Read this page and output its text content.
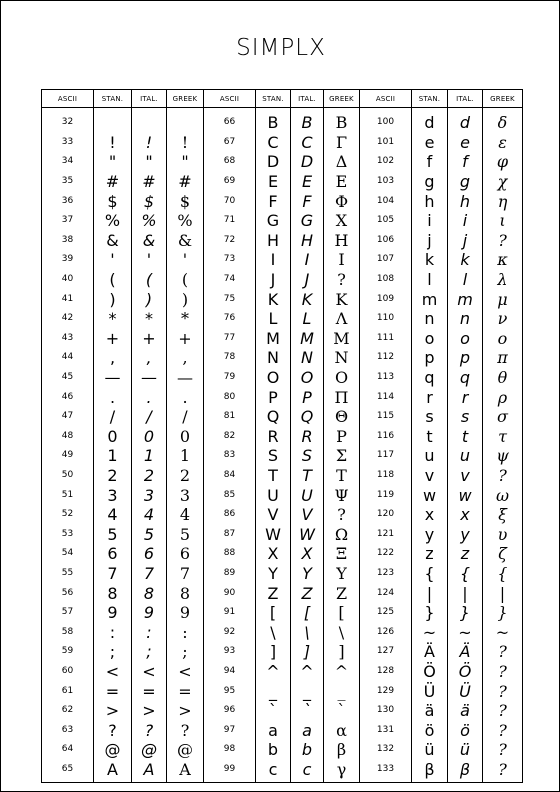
SIMPLX
ASCII	STAN.	ITAL.	GREEK	ASCII	STAN.	ITAL.	GREEK	ASCII	STAN.	ITAL.	GREEK

32				66	B	B	B	100	d	d	δ
33	!	!	!	67	C	C	Γ	101	e	e	ε
34	"	"	"	68	D	D	Δ	102	f	f	φ
35	#	#	#	69	E	E	E	103	g	g	χ
36	$	$	$	70	F	F	Φ	104	h	h	η
37	%	%	%	71	G	G	X	105	i	i	ι
38	&	&	&	72	H	H	H	106	j	j	?
39	'	'	'	73	I	I	I	107	k	k	κ
40	(	(	(	74	J	J	?	108	l	l	λ
41	)	)	)	75	K	K	K	109	m	m	μ
42	*	*	*	76	L	L	Λ	110	n	n	ν
43	+	+	+	77	M	M	M	111	o	o	o
44	,	,	,	78	N	N	N	112	p	p	π
45	—	—	—	79	O	O	O	113	q	q	θ
46	.	.	.	80	P	P	Π	114	r	r	ρ
47	/	/	/	81	Q	Q	Θ	115	s	s	σ
48	0	0	0	82	R	R	P	116	t	t	τ
49	1	1	1	83	S	S	Σ	117	u	u	ψ
50	2	2	2	84	T	T	T	118	v	v	?
51	3	3	3	85	U	U	Ψ	119	w	w	ω
52	4	4	4	86	V	V	?	120	x	x	ξ
53	5	5	5	87	W	W	Ω	121	y	y	υ
54	6	6	6	88	X	X	Ξ	122	z	z	ζ
55	7	7	7	89	Y	Y	Y	123	{	{	{
56	8	8	8	90	Z	Z	Z	124	|	|	|
57	9	9	9	91	[	[	[	125	}	}	}
58	:	:	:	92	\	\	\	126	~	~	~
59	;	;	;	93	]	]	]	127	Ä	Ä	?
60	<	<	<	94	^	^	^	128	Ö	Ö	?
61	=	=	=	95	_	_	_	129	Ü	Ü	?
62	>	>	>	96	`	`	`	130	ä	ä	?
63	?	?	?	97	a	a	α	131	ö	ö	?
64	@	@	@	98	b	b	β	132	ü	ü	?
65	A	A	A	99	c	c	γ	133	β	β	?
